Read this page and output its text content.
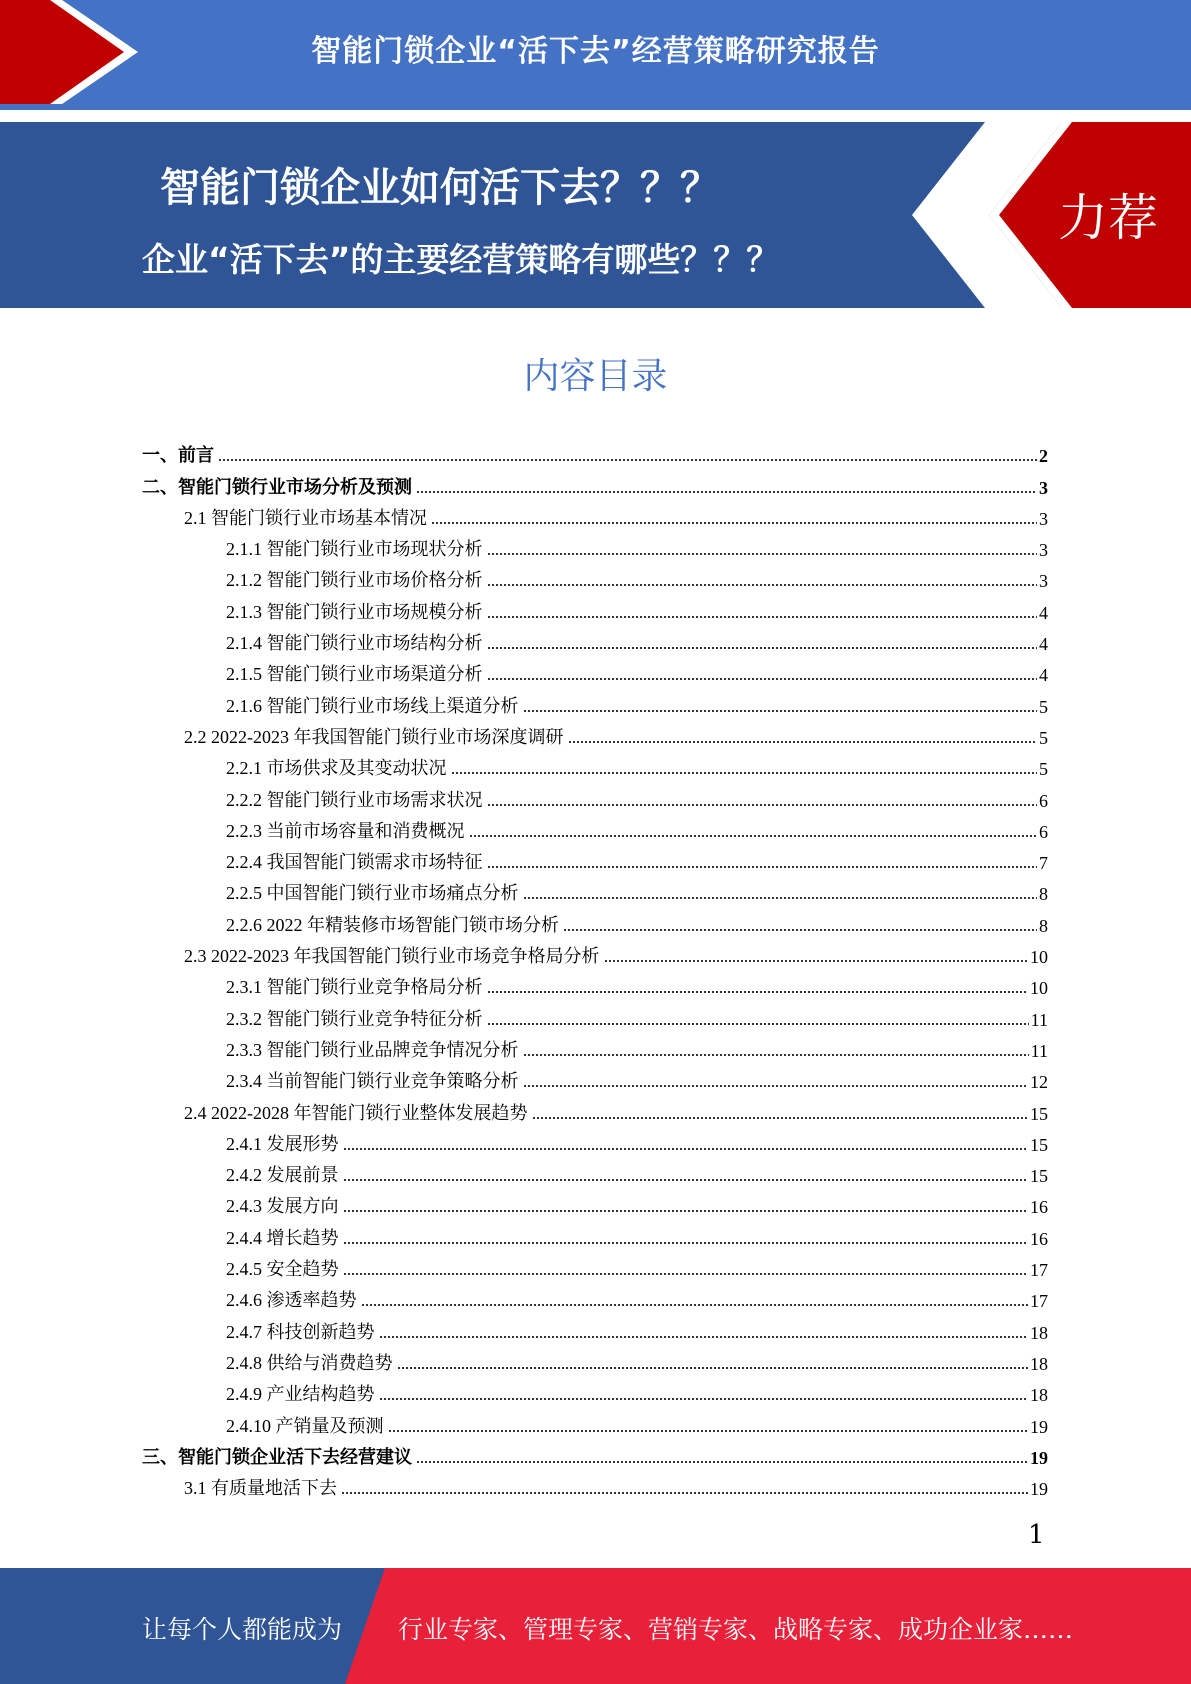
智能门锁企业“活下去”经营策略研究报告
智能门锁企业如何活下去？？？
企业“活下去”的主要经营策略有哪些？？？
力荐
内容目录
一、前言	2
二、智能门锁行业市场分析及预测	3
2.1 智能门锁行业市场基本情况	3
2.1.1 智能门锁行业市场现状分析	3
2.1.2 智能门锁行业市场价格分析	3
2.1.3 智能门锁行业市场规模分析	4
2.1.4 智能门锁行业市场结构分析	4
2.1.5 智能门锁行业市场渠道分析	4
2.1.6 智能门锁行业市场线上渠道分析	5
2.2 2022-2023 年我国智能门锁行业市场深度调研	5
2.2.1 市场供求及其变动状况	5
2.2.2 智能门锁行业市场需求状况	6
2.2.3 当前市场容量和消费概况	6
2.2.4 我国智能门锁需求市场特征	7
2.2.5 中国智能门锁行业市场痛点分析	8
2.2.6 2022 年精装修市场智能门锁市场分析	8
2.3 2022-2023 年我国智能门锁行业市场竞争格局分析	10
2.3.1 智能门锁行业竞争格局分析	10
2.3.2 智能门锁行业竞争特征分析	11
2.3.3 智能门锁行业品牌竞争情况分析	11
2.3.4 当前智能门锁行业竞争策略分析	12
2.4 2022-2028 年智能门锁行业整体发展趋势	15
2.4.1 发展形势	15
2.4.2 发展前景	15
2.4.3 发展方向	16
2.4.4 增长趋势	16
2.4.5 安全趋势	17
2.4.6 渗透率趋势	17
2.4.7 科技创新趋势	18
2.4.8 供给与消费趋势	18
2.4.9 产业结构趋势	18
2.4.10 产销量及预测	19
三、智能门锁企业活下去经营建议	19
3.1 有质量地活下去	19
1
让每个人都能成为 行业专家、管理专家、营销专家、战略专家、成功企业家……
